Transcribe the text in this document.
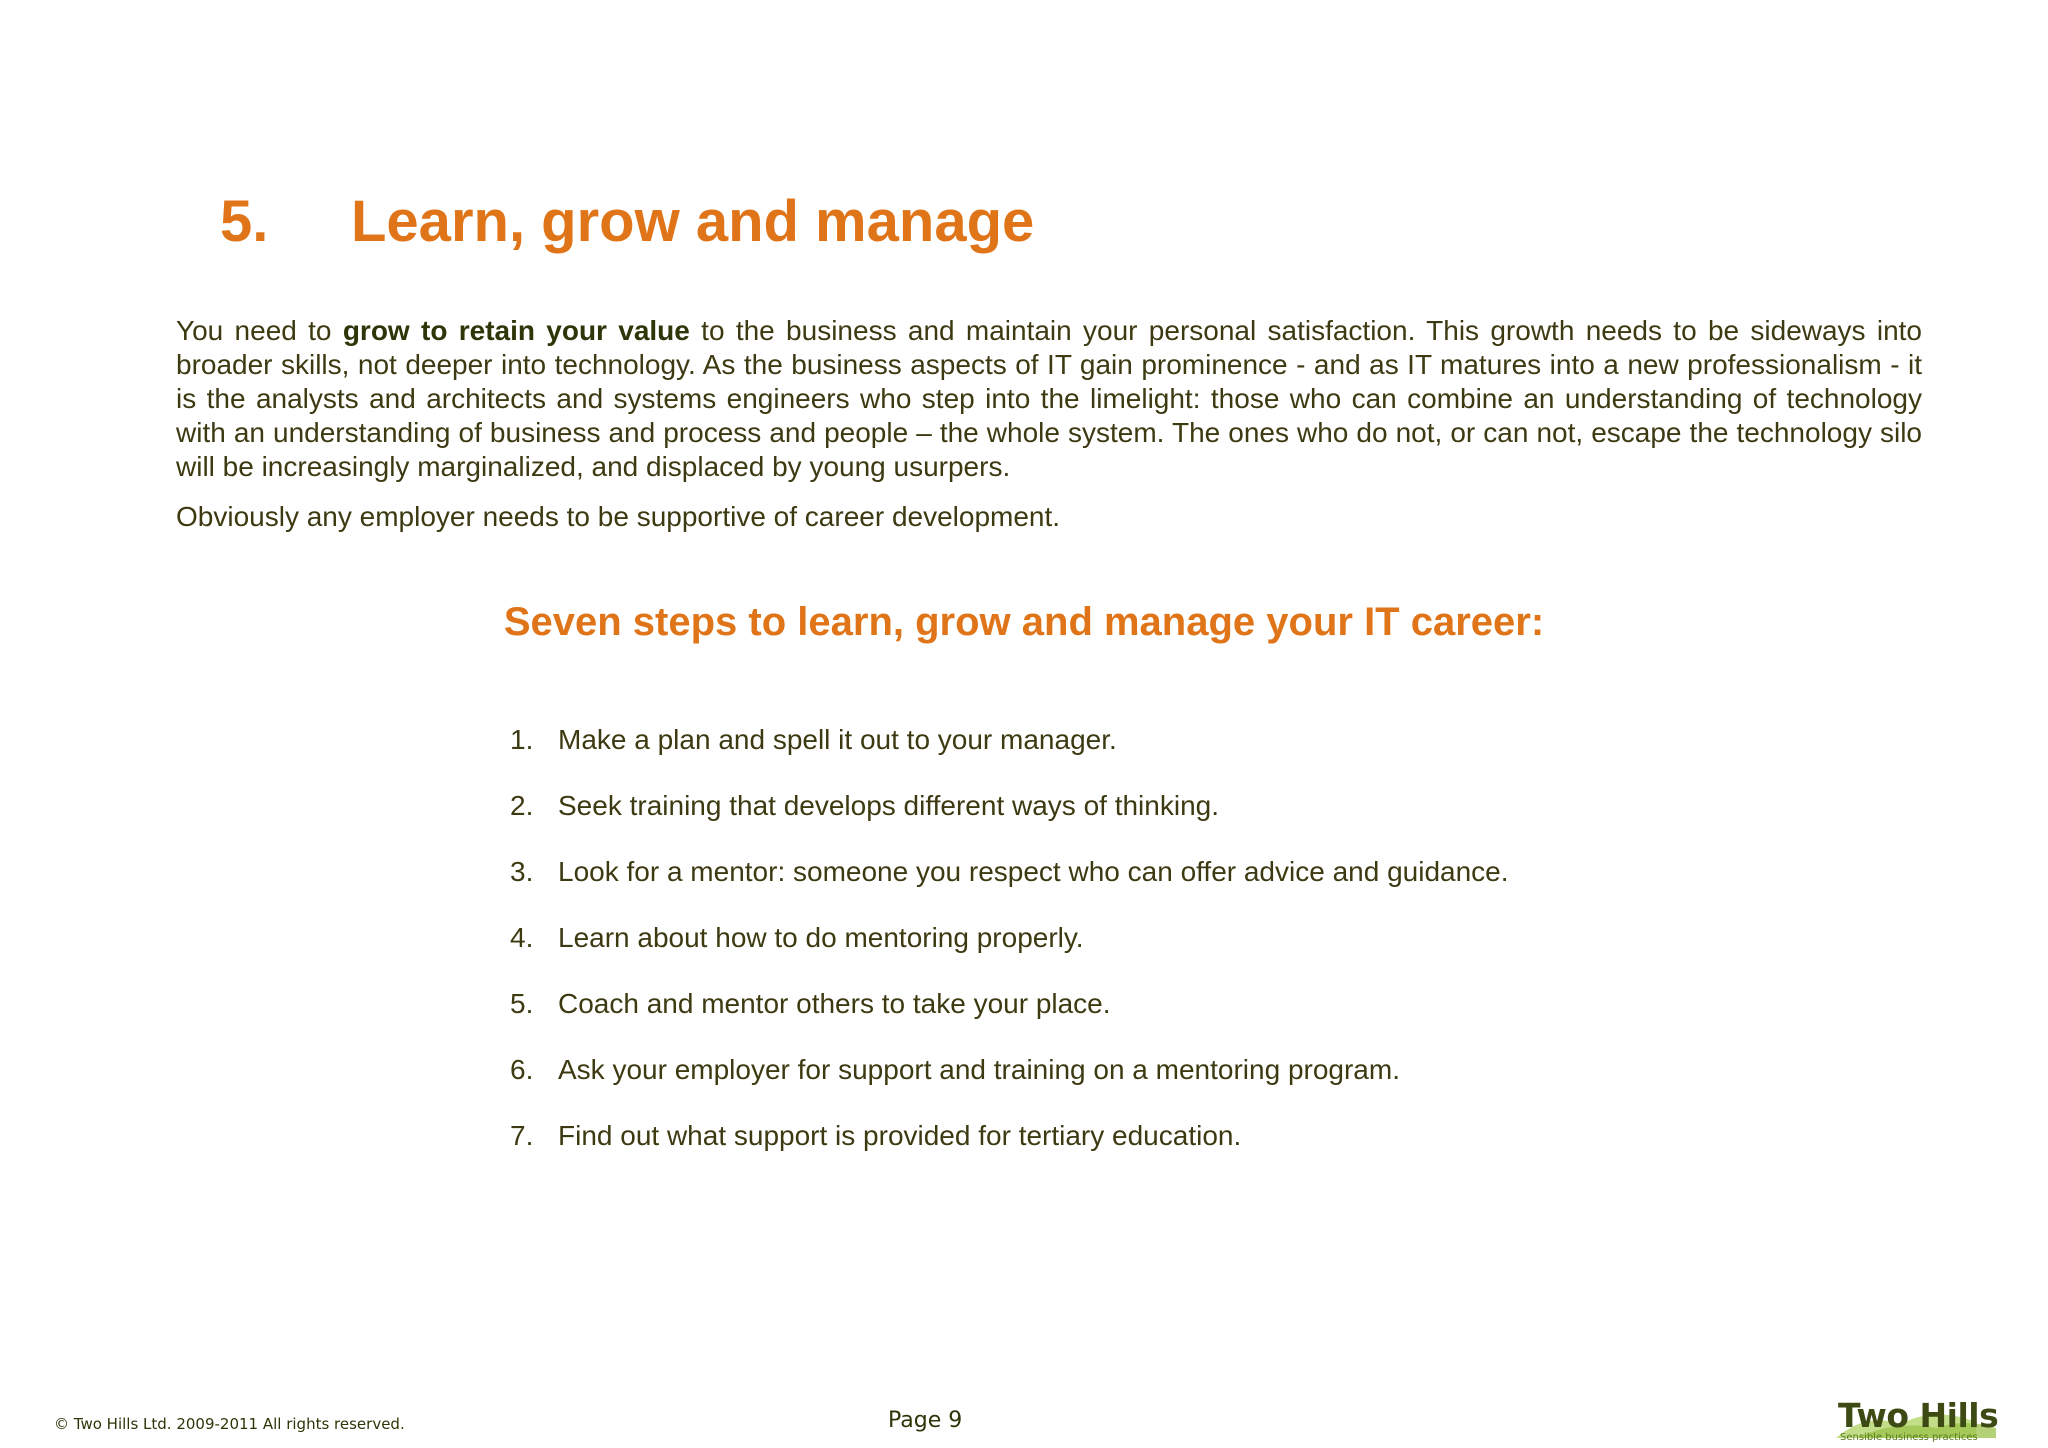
5. Learn, grow and manage

You need to grow to retain your value to the business and maintain your personal satisfaction. This growth needs to be sideways into broader skills, not deeper into technology. As the business aspects of IT gain prominence - and as IT matures into a new professionalism - it is the analysts and architects and systems engineers who step into the limelight: those who can combine an understanding of technology with an understanding of business and process and people – the whole system. The ones who do not, or can not, escape the technology silo will be increasingly marginalized, and displaced by young usurpers.

Obviously any employer needs to be supportive of career development.

Seven steps to learn, grow and manage your IT career:
1. Make a plan and spell it out to your manager.
2. Seek training that develops different ways of thinking.
3. Look for a mentor: someone you respect who can offer advice and guidance.
4. Learn about how to do mentoring properly.
5. Coach and mentor others to take your place.
6. Ask your employer for support and training on a mentoring program.
7. Find out what support is provided for tertiary education.
© Two Hills Ltd. 2009-2011 All rights reserved.	Page 9	Two Hills
Sensible business practices
